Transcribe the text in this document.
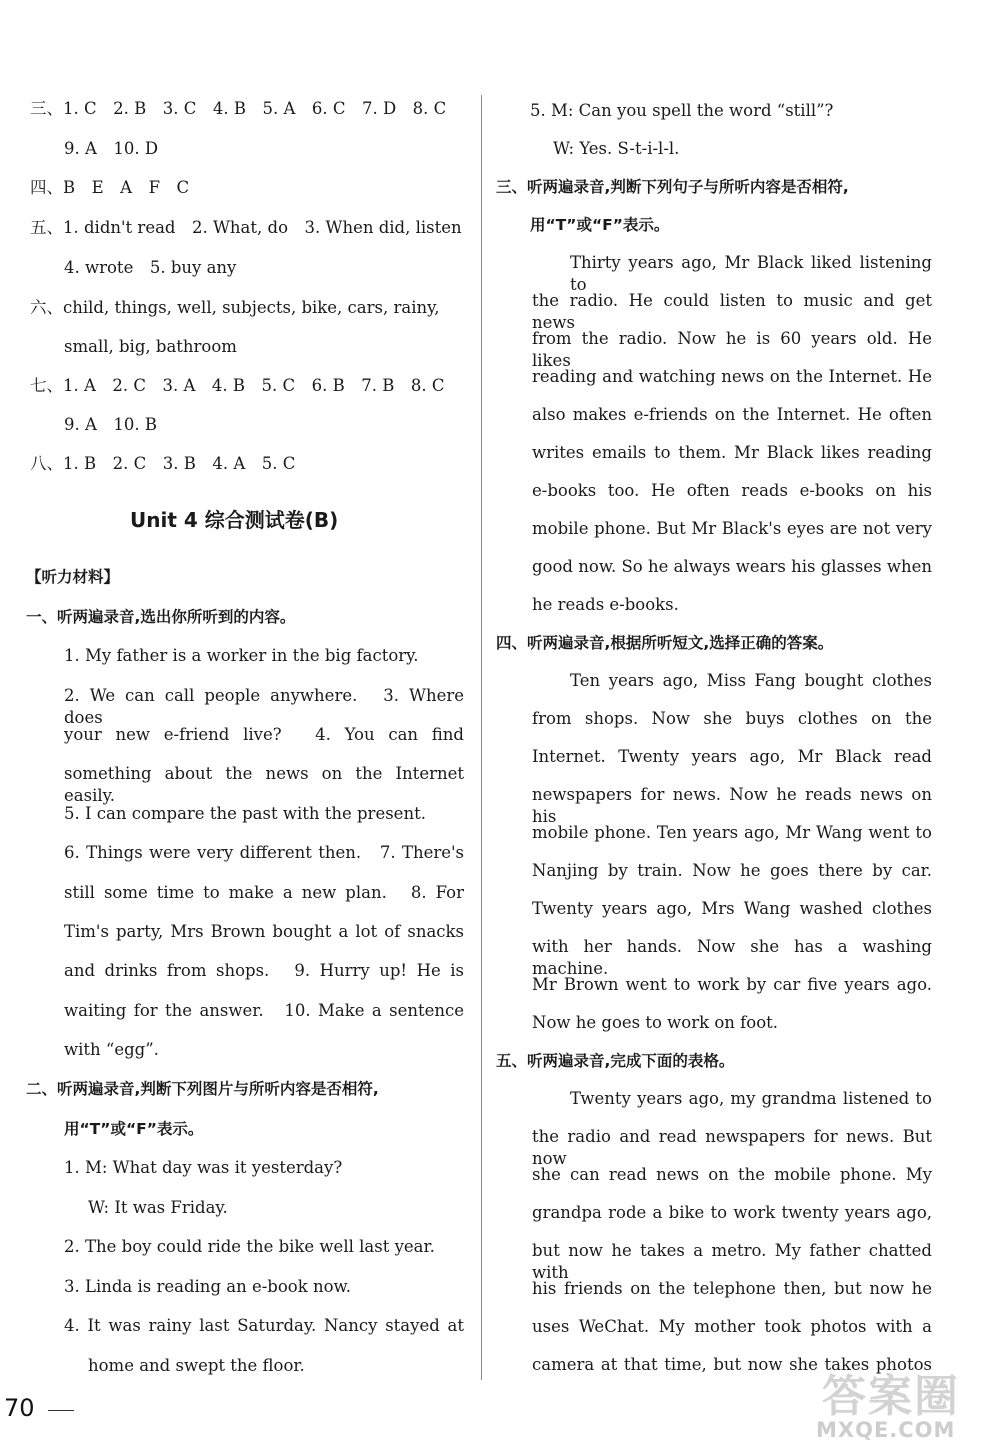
三、1. C　2. B　3. C　4. B　5. A　6. C　7. D　8. C
9. A　10. D
四、B　E　A　F　C
五、1. didn't read　2. What, do　3. When did, listen
4. wrote　5. buy any
六、child, things, well, subjects, bike, cars, rainy,
small, big, bathroom
七、1. A　2. C　3. A　4. B　5. C　6. B　7. B　8. C
9. A　10. B
八、1. B　2. C　3. B　4. A　5. C
Unit 4 综合测试卷(B)
【听力材料】
一、听两遍录音,选出你所听到的内容。
1. My father is a worker in the big factory.
2. We can call people anywhere.　3. Where does
your new e-friend live?　4. You can find
something about the news on the Internet easily.
5. I can compare the past with the present.
6. Things were very different then.　7. There's
still some time to make a new plan.　8. For
Tim's party, Mrs Brown bought a lot of snacks
and drinks from shops.　9. Hurry up! He is
waiting for the answer.　10. Make a sentence
with “egg”.
二、听两遍录音,判断下列图片与所听内容是否相符,
用“T”或“F”表示。
1. M: What day was it yesterday?
W: It was Friday.
2. The boy could ride the bike well last year.
3. Linda is reading an e-book now.
4. It was rainy last Saturday. Nancy stayed at
home and swept the floor.
5. M: Can you spell the word “still”?
W: Yes. S-t-i-l-l.
三、听两遍录音,判断下列句子与所听内容是否相符,
用“T”或“F”表示。
Thirty years ago, Mr Black liked listening to
the radio. He could listen to music and get news
from the radio. Now he is 60 years old. He likes
reading and watching news on the Internet. He
also makes e-friends on the Internet. He often
writes emails to them. Mr Black likes reading
e-books too. He often reads e-books on his
mobile phone. But Mr Black's eyes are not very
good now. So he always wears his glasses when
he reads e-books.
四、听两遍录音,根据所听短文,选择正确的答案。
Ten years ago, Miss Fang bought clothes
from shops. Now she buys clothes on the
Internet. Twenty years ago, Mr Black read
newspapers for news. Now he reads news on his
mobile phone. Ten years ago, Mr Wang went to
Nanjing by train. Now he goes there by car.
Twenty years ago, Mrs Wang washed clothes
with her hands. Now she has a washing machine.
Mr Brown went to work by car five years ago.
Now he goes to work on foot.
五、听两遍录音,完成下面的表格。
Twenty years ago, my grandma listened to
the radio and read newspapers for news. But now
she can read news on the mobile phone. My
grandpa rode a bike to work twenty years ago,
but now he takes a metro. My father chatted with
his friends on the telephone then, but now he
uses WeChat. My mother took photos with a
camera at that time, but now she takes photos
70	答案圈
MXQE.COM
